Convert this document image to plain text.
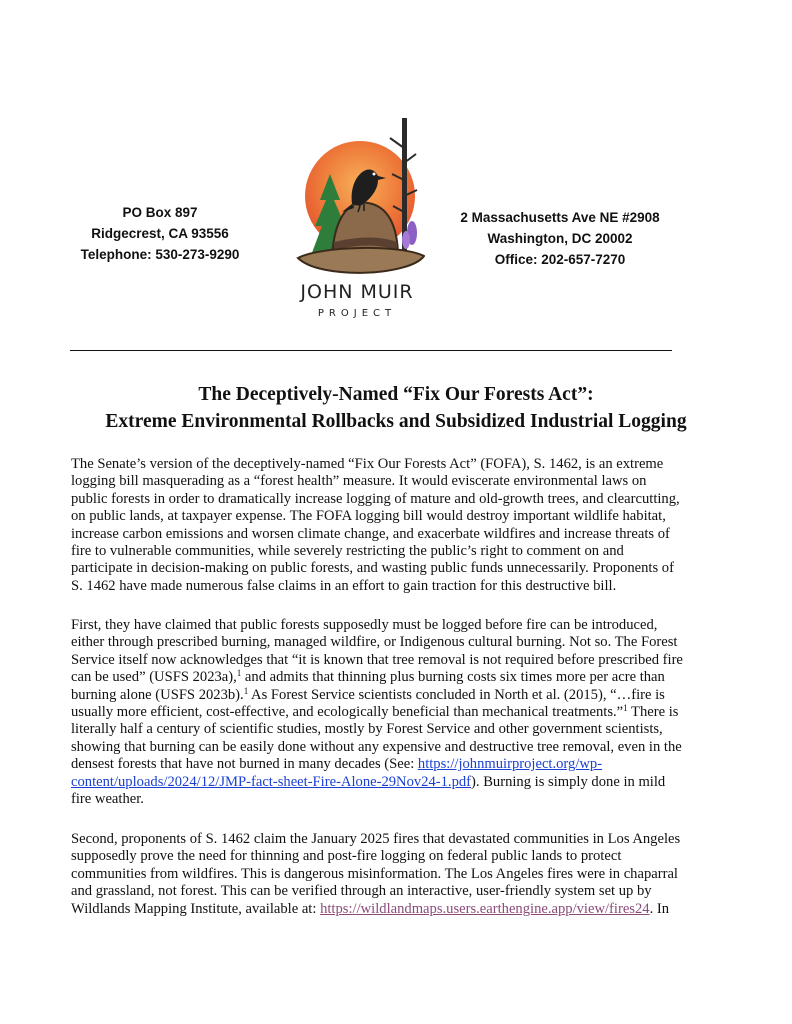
PO Box 897
Ridgecrest, CA 93556
Telephone: 530-273-9290
JOHN MUIR
PROJECT
2 Massachusetts Ave NE #2908
Washington, DC 20002
Office: 202-657-7270
The Deceptively-Named “Fix Our Forests Act”:
Extreme Environmental Rollbacks and Subsidized Industrial Logging
The Senate’s version of the deceptively-named “Fix Our Forests Act” (FOFA), S. 1462, is an extreme
logging bill masquerading as a “forest health” measure. It would eviscerate environmental laws on
public forests in order to dramatically increase logging of mature and old-growth trees, and clearcutting,
on public lands, at taxpayer expense. The FOFA logging bill would destroy important wildlife habitat,
increase carbon emissions and worsen climate change, and exacerbate wildfires and increase threats of
fire to vulnerable communities, while severely restricting the public’s right to comment on and
participate in decision-making on public forests, and wasting public funds unnecessarily. Proponents of
S. 1462 have made numerous false claims in an effort to gain traction for this destructive bill.
First, they have claimed that public forests supposedly must be logged before fire can be introduced,
either through prescribed burning, managed wildfire, or Indigenous cultural burning. Not so. The Forest
Service itself now acknowledges that “it is known that tree removal is not required before prescribed fire
can be used” (USFS 2023a),$^1$ and admits that thinning plus burning costs six times more per acre than
burning alone (USFS 2023b).$^1$ As Forest Service scientists concluded in North et al. (2015), “…fire is
usually more efficient, cost-effective, and ecologically beneficial than mechanical treatments.”$^1$ There is
literally half a century of scientific studies, mostly by Forest Service and other government scientists,
showing that burning can be easily done without any expensive and destructive tree removal, even in the
densest forests that have not burned in many decades (See: https://johnmuirproject.org/wp-
content/uploads/2024/12/JMP-fact-sheet-Fire-Alone-29Nov24-1.pdf). Burning is simply done in mild
fire weather.
Second, proponents of S. 1462 claim the January 2025 fires that devastated communities in Los Angeles
supposedly prove the need for thinning and post-fire logging on federal public lands to protect
communities from wildfires. This is dangerous misinformation. The Los Angeles fires were in chaparral
and grassland, not forest. This can be verified through an interactive, user-friendly system set up by
Wildlands Mapping Institute, available at: https://wildlandmaps.users.earthengine.app/view/fires24. In
